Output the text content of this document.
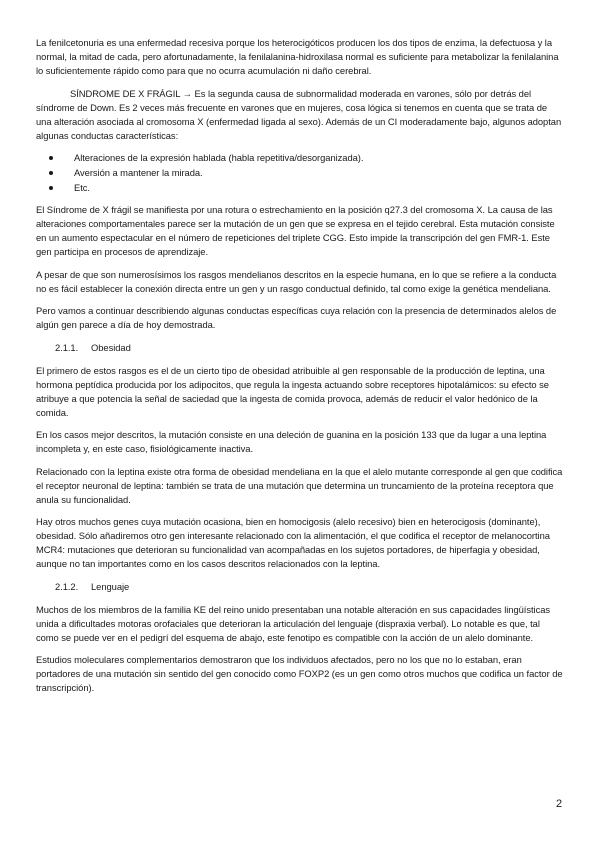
La fenilcetonuria es una enfermedad recesiva porque los heterocigóticos producen los dos tipos de enzima, la defectuosa y la normal, la mitad de cada, pero afortunadamente, la fenilalanina-hidroxilasa normal es suficiente para metabolizar la fenilalanina lo suficientemente rápido como para que no ocurra acumulación ni daño cerebral.

SÍNDROME DE X FRÁGIL → Es la segunda causa de subnormalidad moderada en varones, sólo por detrás del síndrome de Down. Es 2 veces más frecuente en varones que en mujeres, cosa lógica si tenemos en cuenta que se trata de una alteración asociada al cromosoma X (enfermedad ligada al sexo). Además de un CI moderadamente bajo, algunos adoptan algunas conductas características:

Alteraciones de la expresión hablada (habla repetitiva/desorganizada).
Aversión a mantener la mirada.
Etc.

El Síndrome de X frágil se manifiesta por una rotura o estrechamiento en la posición q27.3 del cromosoma X. La causa de las alteraciones comportamentales parece ser la mutación de un gen que se expresa en el tejido cerebral. Esta mutación consiste en un aumento espectacular en el número de repeticiones del triplete CGG. Esto impide la transcripción del gen FMR-1. Este gen participa en procesos de aprendizaje.

A pesar de que son numerosísimos los rasgos mendelianos descritos en la especie humana, en lo que se refiere a la conducta no es fácil establecer la conexión directa entre un gen y un rasgo conductual definido, tal como exige la genética mendeliana.

Pero vamos a continuar describiendo algunas conductas específicas cuya relación con la presencia de determinados alelos de algún gen parece a día de hoy demostrada.

2.1.1. Obesidad

El primero de estos rasgos es el de un cierto tipo de obesidad atribuible al gen responsable de la producción de leptina, una hormona peptídica producida por los adipocitos, que regula la ingesta actuando sobre receptores hipotalámicos: su efecto se atribuye a que potencia la señal de saciedad que la ingesta de comida provoca, además de reducir el valor hedónico de la comida.

En los casos mejor descritos, la mutación consiste en una deleción de guanina en la posición 133 que da lugar a una leptina incompleta y, en este caso, fisiológicamente inactiva.

Relacionado con la leptina existe otra forma de obesidad mendeliana en la que el alelo mutante corresponde al gen que codifica el receptor neuronal de leptina: también se trata de una mutación que determina un truncamiento de la proteína receptora que anula su funcionalidad.

Hay otros muchos genes cuya mutación ocasiona, bien en homocigosis (alelo recesivo) bien en heterocigosis (dominante), obesidad. Sólo añadiremos otro gen interesante relacionado con la alimentación, el que codifica el receptor de melanocortina MCR4: mutaciones que deterioran su funcionalidad van acompañadas en los sujetos portadores, de hiperfagia y obesidad, aunque no tan importantes como en los casos descritos relacionados con la leptina.

2.1.2. Lenguaje

Muchos de los miembros de la familia KE del reino unido presentaban una notable alteración en sus capacidades lingüísticas unida a dificultades motoras orofaciales que deterioran la articulación del lenguaje (dispraxia verbal). Lo notable es que, tal como se puede ver en el pedigrí del esquema de abajo, este fenotipo es compatible con la acción de un alelo dominante.

Estudios moleculares complementarios demostraron que los individuos afectados, pero no los que no lo estaban, eran portadores de una mutación sin sentido del gen conocido como FOXP2 (es un gen como otros muchos que codifica un factor de transcripción).

2
